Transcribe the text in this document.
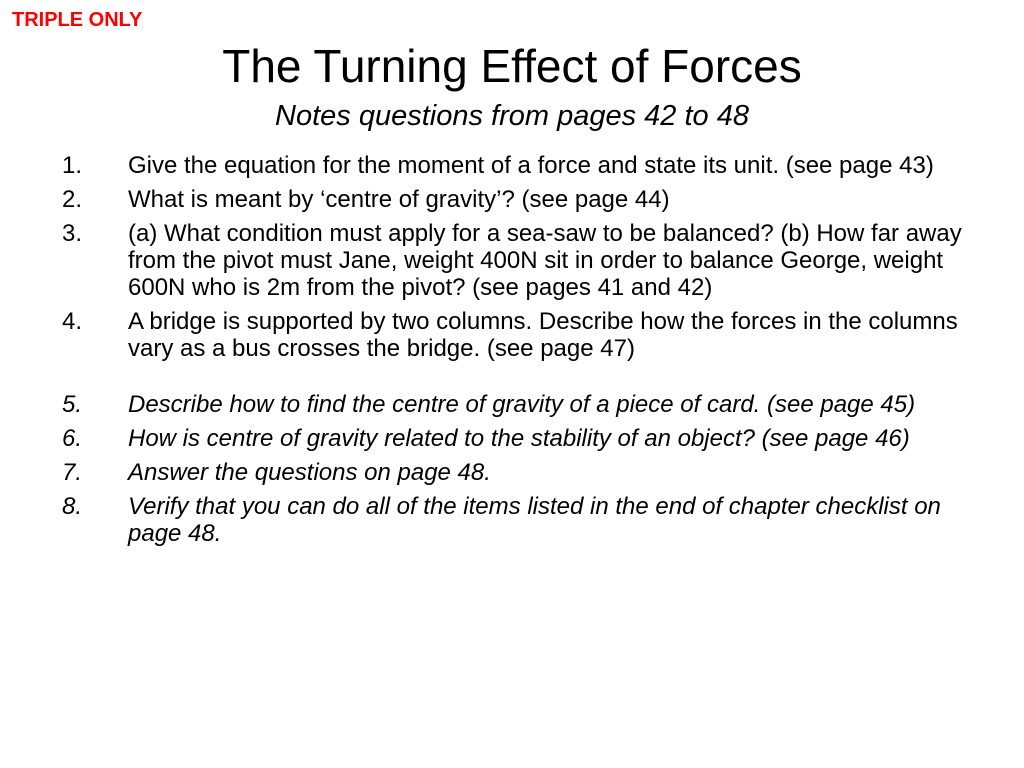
TRIPLE ONLY
The Turning Effect of Forces
Notes questions from pages 42 to 48
1.	Give the equation for the moment of a force and state its unit. (see page 43)
2.	What is meant by ‘centre of gravity’? (see page 44)
3.	(a) What condition must apply for a sea-saw to be balanced? (b) How far away from the pivot must Jane, weight 400N sit in order to balance George, weight 600N who is 2m from the pivot? (see pages 41 and 42)
4.	A bridge is supported by two columns. Describe how the forces in the columns vary as a bus crosses the bridge. (see page 47)
5.	Describe how to find the centre of gravity of a piece of card. (see page 45)
6.	How is centre of gravity related to the stability of an object? (see page 46)
7.	Answer the questions on page 48.
8.	Verify that you can do all of the items listed in the end of chapter checklist on page 48.
